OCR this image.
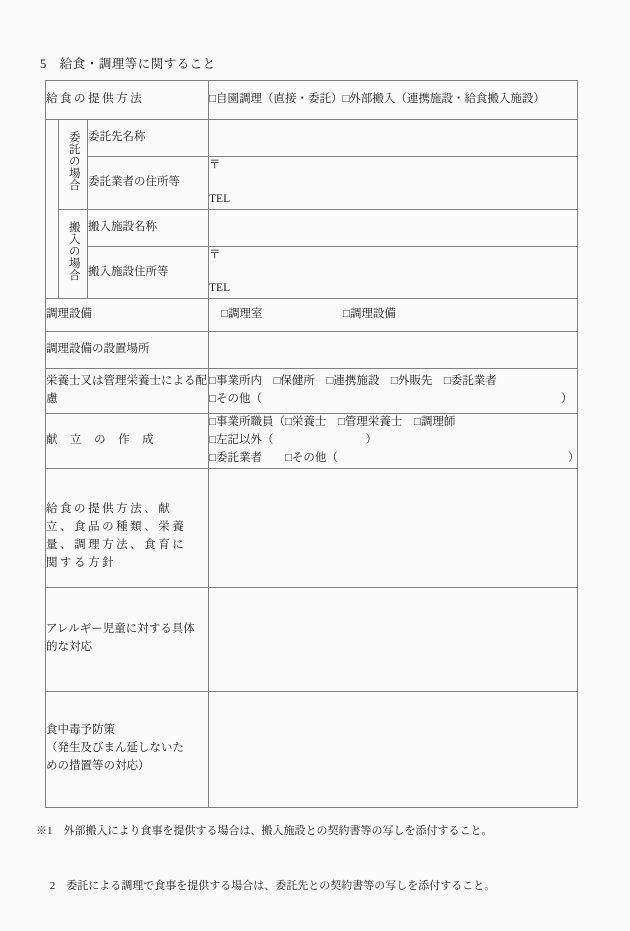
5　給食・調理等に関すること
給食の提供方法			□自園調理（直接・委託）□外部搬入（連携施設・給食搬入施設）
	委託の場合	委託先名称	
		委託業者の住所等	〒
TEL

	搬入の場合	搬入施設名称	
		搬入施設住所等	〒
TEL

調理設備			□調理室　　　　　　　□調理設備
調理設備の設置場所			
栄養士又は管理栄養士による配慮			□事業所内　□保健所　□連携施設　□外販先　□委託業者
□その他（　　　　　　　　　　　　　　　　　　　　　　　　　　）

献 立 の 作 成			□事業所職員（□栄養士　□管理栄養士　□調理師
□左記以外（　　　　　　　　）
□委託業者　　□その他（　　　　　　　　　　　　　　　　　　　　）

給食の提供方法、献立、食品の種類、栄養量、調理方法、食育に関する方針			
アレルギー児童に対する具体的な対応			

食中毒予防策
（発生及びまん延しないた
めの措置等の対応）			

※1　外部搬入により食事を提供する場合は、搬入施設との契約書等の写しを添付すること。

　 2　委託による調理で食事を提供する場合は、委託先との契約書等の写しを添付すること。
